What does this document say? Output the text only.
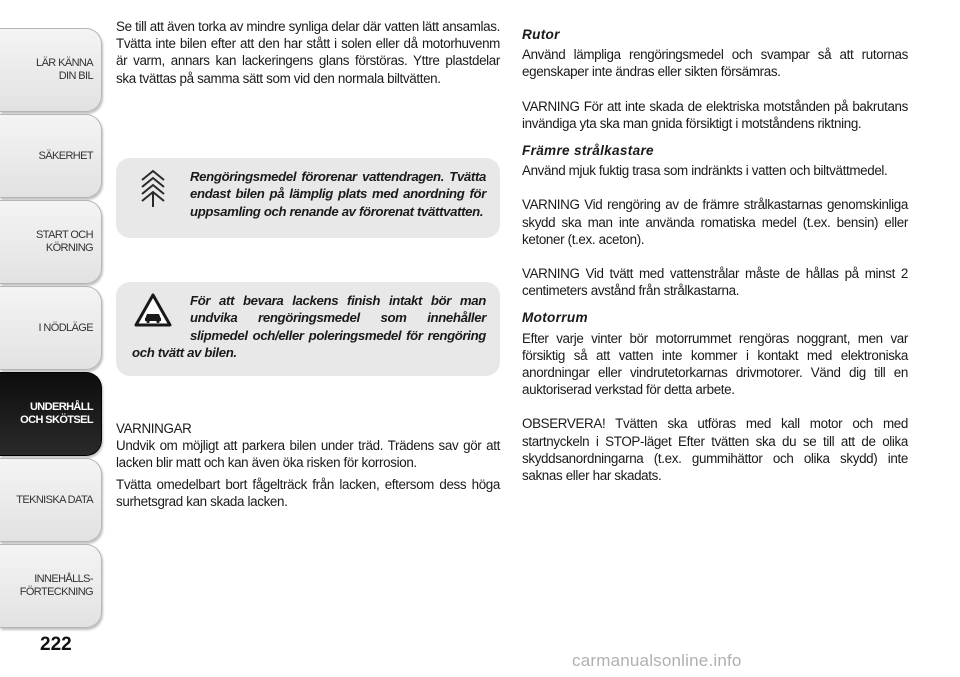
LÄR KÄNNA
DIN BIL
SÄKERHET
START OCH
KÖRNING
I NÖDLÄGE
UNDERHÅLL
OCH SKÖTSEL
TEKNISKA DATA
INNEHÅLLS-
FÖRTECKNING
222

Se till att även torka av mindre synliga delar där vatten lätt ansamlas. Tvätta inte bilen efter att den har stått i solen eller då motorhuvenm är varm, annars kan lackeringens glans förstöras. Yttre plastdelar ska tvättas på samma sätt som vid den normala biltvätten.

Rengöringsmedel förorenar vattendragen. Tvätta endast bilen på lämplig plats med anordning för uppsamling och renande av förorenat tvättvatten.

För att bevara lackens finish intakt bör man undvika rengöringsmedel som innehåller slipmedel och/eller poleringsmedel för rengöring och tvätt av bilen.

VARNINGAR

Undvik om möjligt att parkera bilen under träd. Trädens sav gör att lacken blir matt och kan även öka risken för korrosion.

Tvätta omedelbart bort fågelträck från lacken, eftersom dess höga surhetsgrad kan skada lacken.

Rutor

Använd lämpliga rengöringsmedel och svampar så att rutornas egenskaper inte ändras eller sikten försämras.

VARNING För att inte skada de elektriska motstånden på bakrutans invändiga yta ska man gnida försiktigt i motståndens riktning.

Främre strålkastare

Använd mjuk fuktig trasa som indränkts i vatten och biltvättmedel.

VARNING Vid rengöring av de främre strålkastarnas genomskinliga skydd ska man inte använda romatiska medel (t.ex. bensin) eller ketoner (t.ex. aceton).

VARNING Vid tvätt med vattenstrålar måste de hållas på minst 2 centimeters avstånd från strålkastarna.

Motorrum

Efter varje vinter bör motorrummet rengöras noggrant, men var försiktig så att vatten inte kommer i kontakt med elektroniska anordningar eller vindrutetorkarnas drivmotorer. Vänd dig till en auktoriserad verkstad för detta arbete.

OBSERVERA! Tvätten ska utföras med kall motor och med startnyckeln i STOP-läget Efter tvätten ska du se till att de olika skyddsanordningarna (t.ex. gummihättor och olika skydd) inte saknas eller har skadats.

carmanualsonline.info
